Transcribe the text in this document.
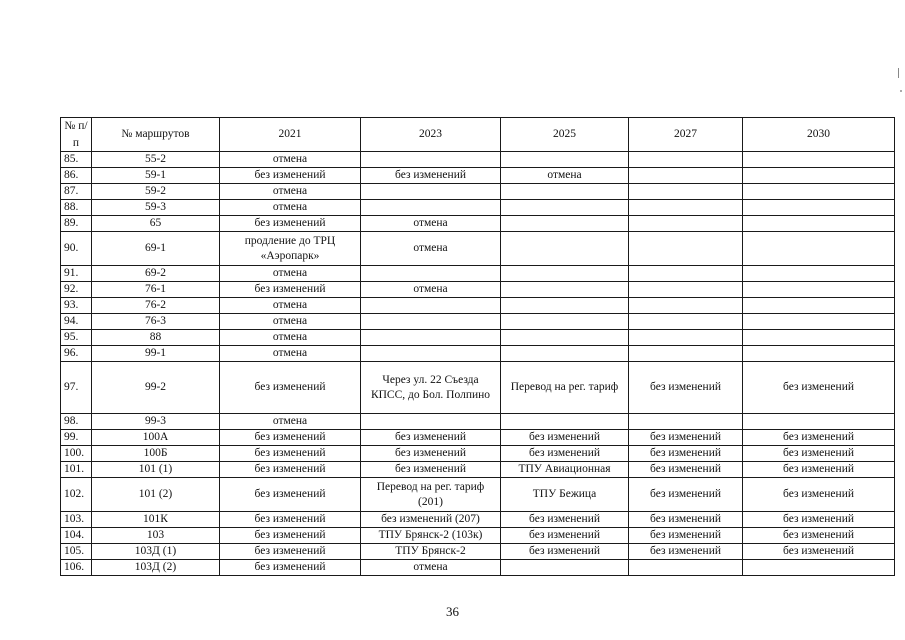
№ п/п	№ маршрутов	2021	2023	2025	2027	2030
85.	55-2	отмена				
86.	59-1	без изменений	без изменений	отмена		
87.	59-2	отмена				
88.	59-3	отмена				
89.	65	без изменений	отмена			
90.	69-1	продление до ТРЦ «Аэропарк»	отмена			
91.	69-2	отмена				
92.	76-1	без изменений	отмена			
93.	76-2	отмена				
94.	76-3	отмена				
95.	88	отмена				
96.	99-1	отмена				
97.	99-2	без изменений	Через ул. 22 Съезда КПСС, до Бол. Полпино	Перевод на рег. тариф	без изменений	без изменений
98.	99-3	отмена				
99.	100А	без изменений	без изменений	без изменений	без изменений	без изменений
100.	100Б	без изменений	без изменений	без изменений	без изменений	без изменений
101.	101 (1)	без изменений	без изменений	ТПУ Авиационная	без изменений	без изменений
102.	101 (2)	без изменений	Перевод на рег. тариф (201)	ТПУ Бежица	без изменений	без изменений
103.	101К	без изменений	без изменений (207)	без изменений	без изменений	без изменений
104.	103	без изменений	ТПУ Брянск-2 (103к)	без изменений	без изменений	без изменений
105.	103Д (1)	без изменений	ТПУ Брянск-2	без изменений	без изменений	без изменений
106.	103Д (2)	без изменений	отмена			
36
